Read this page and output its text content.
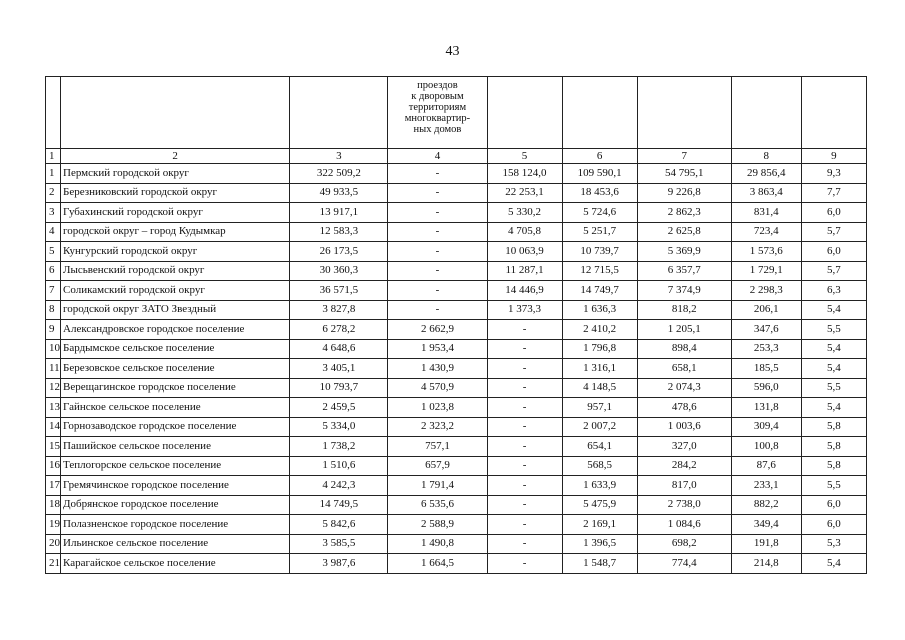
43

			проездов
к дворовым
территориям
многоквартир-
ных домов					

1	2	3	4	5	6	7	8	9
1	Пермский городской округ	322 509,2	-	158 124,0	109 590,1	54 795,1	29 856,4	9,3
2	Березниковский городской округ	49 933,5	-	22 253,1	18 453,6	9 226,8	3 863,4	7,7
3	Губахинский городской округ	13 917,1	-	5 330,2	5 724,6	2 862,3	831,4	6,0
4	городской округ – город Кудымкар	12 583,3	-	4 705,8	5 251,7	2 625,8	723,4	5,7
5	Кунгурский городской округ	26 173,5	-	10 063,9	10 739,7	5 369,9	1 573,6	6,0
6	Лысьвенский городской округ	30 360,3	-	11 287,1	12 715,5	6 357,7	1 729,1	5,7
7	Соликамский городской округ	36 571,5	-	14 446,9	14 749,7	7 374,9	2 298,3	6,3
8	городской округ ЗАТО Звездный	3 827,8	-	1 373,3	1 636,3	818,2	206,1	5,4
9	Александровское городское поселение	6 278,2	2 662,9	-	2 410,2	1 205,1	347,6	5,5
10	Бардымское сельское поселение	4 648,6	1 953,4	-	1 796,8	898,4	253,3	5,4
11	Березовское сельское поселение	3 405,1	1 430,9	-	1 316,1	658,1	185,5	5,4
12	Верещагинское городское поселение	10 793,7	4 570,9	-	4 148,5	2 074,3	596,0	5,5
13	Гайнское сельское поселение	2 459,5	1 023,8	-	957,1	478,6	131,8	5,4
14	Горнозаводское городское поселение	5 334,0	2 323,2	-	2 007,2	1 003,6	309,4	5,8
15	Пашийское сельское поселение	1 738,2	757,1	-	654,1	327,0	100,8	5,8
16	Теплогорское сельское поселение	1 510,6	657,9	-	568,5	284,2	87,6	5,8
17	Гремячинское городское поселение	4 242,3	1 791,4	-	1 633,9	817,0	233,1	5,5
18	Добрянское городское поселение	14 749,5	6 535,6	-	5 475,9	2 738,0	882,2	6,0
19	Полазненское городское поселение	5 842,6	2 588,9	-	2 169,1	1 084,6	349,4	6,0
20	Ильинское сельское поселение	3 585,5	1 490,8	-	1 396,5	698,2	191,8	5,3
21	Карагайское сельское поселение	3 987,6	1 664,5	-	1 548,7	774,4	214,8	5,4
